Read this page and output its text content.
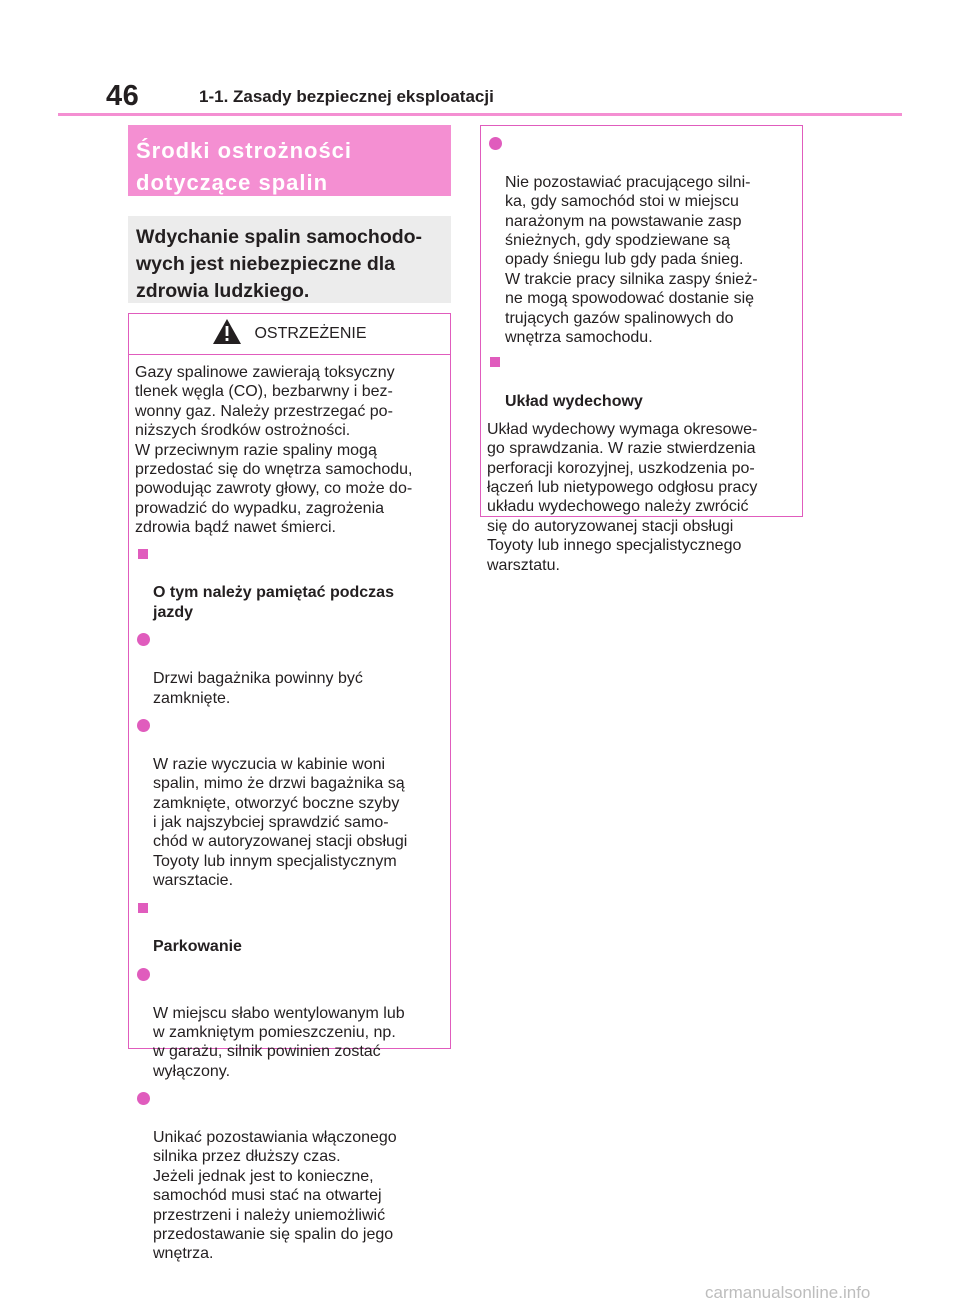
46	1-1. Zasady bezpiecznej eksploatacji

Środki ostrożności
dotyczące spalin

Wdychanie spalin samochodo-
wych jest niebezpieczne dla
zdrowia ludzkiego.

OSTRZEŻENIE

Gazy spalinowe zawierają toksyczny
tlenek węgla (CO), bezbarwny i bez-
wonny gaz. Należy przestrzegać po-
niższych środków ostrożności.
W przeciwnym razie spaliny mogą
przedostać się do wnętrza samochodu,
powodując zawroty głowy, co może do-
prowadzić do wypadku, zagrożenia
zdrowia bądź nawet śmierci.

O tym należy pamiętać podczas
jazdy

Drzwi bagażnika powinny być
zamknięte.

W razie wyczucia w kabinie woni
spalin, mimo że drzwi bagażnika są
zamknięte, otworzyć boczne szyby
i jak najszybciej sprawdzić samo-
chód w autoryzowanej stacji obsługi
Toyoty lub innym specjalistycznym
warsztacie.

Parkowanie

W miejscu słabo wentylowanym lub
w zamkniętym pomieszczeniu, np.
w garażu, silnik powinien zostać
wyłączony.

Unikać pozostawiania włączonego
silnika przez dłuższy czas.
Jeżeli jednak jest to konieczne,
samochód musi stać na otwartej
przestrzeni i należy uniemożliwić
przedostawanie się spalin do jego
wnętrza.

Nie pozostawiać pracującego silni-
ka, gdy samochód stoi w miejscu
narażonym na powstawanie zasp
śnieżnych, gdy spodziewane są
opady śniegu lub gdy pada śnieg.
W trakcie pracy silnika zaspy śnież-
ne mogą spowodować dostanie się
trujących gazów spalinowych do
wnętrza samochodu.

Układ wydechowy

Układ wydechowy wymaga okresowe-
go sprawdzania. W razie stwierdzenia
perforacji korozyjnej, uszkodzenia po-
łączeń lub nietypowego odgłosu pracy
układu wydechowego należy zwrócić
się do autoryzowanej stacji obsługi
Toyoty lub innego specjalistycznego
warsztatu.

carmanualsonline.info
